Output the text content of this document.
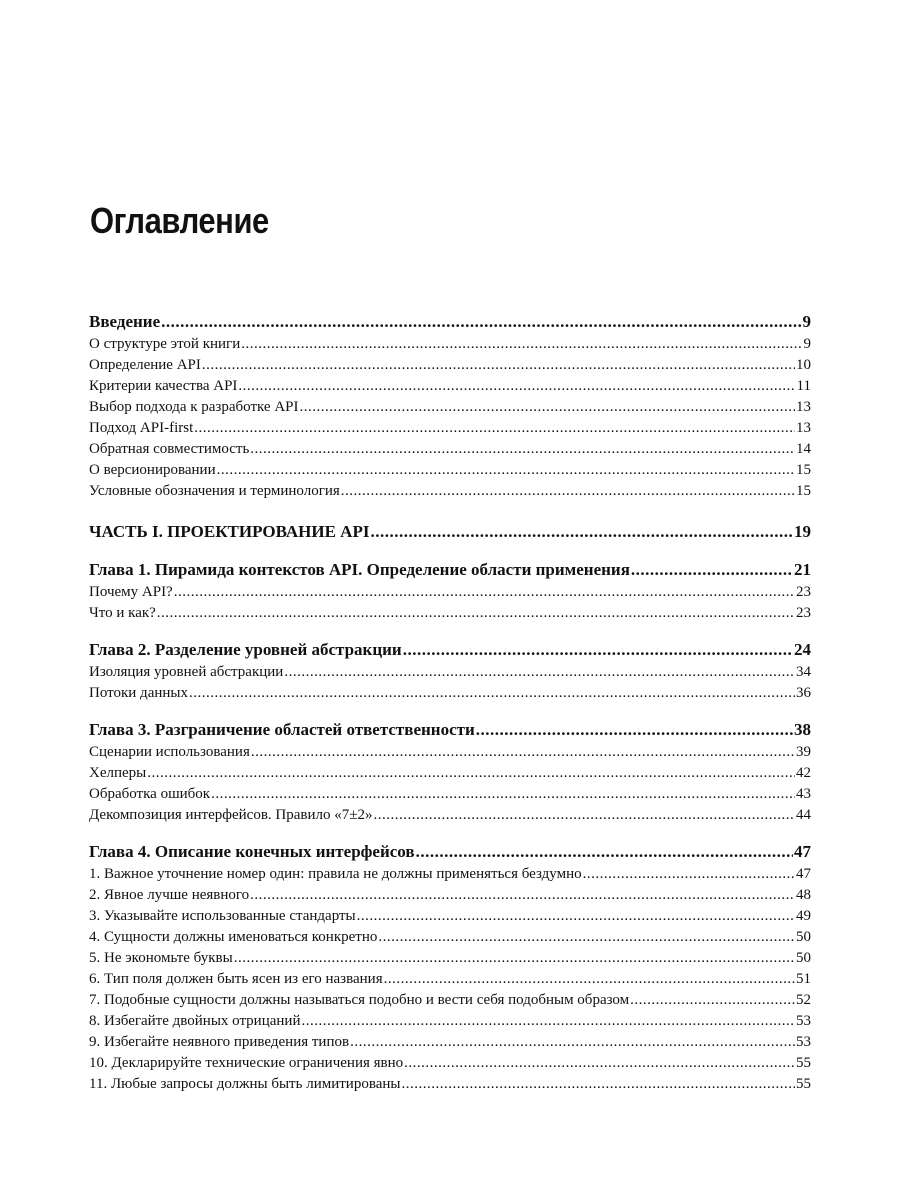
Оглавление
Введение .....	9
О структуре этой книги .....	9
Определение API .....	10
Критерии качества API .....	11
Выбор подхода к разработке API .....	13
Подход API-first .....	13
Обратная совместимость .....	14
О версионировании .....	15
Условные обозначения и терминология .....	15
ЧАСТЬ I. ПРОЕКТИРОВАНИЕ API .....	19
Глава 1. Пирамида контекстов API. Определение области применения .....	21
Почему API? .....	23
Что и как? .....	23
Глава 2. Разделение уровней абстракции .....	24
Изоляция уровней абстракции .....	34
Потоки данных .....	36
Глава 3. Разграничение областей ответственности .....	38
Сценарии использования .....	39
Хелперы .....	42
Обработка ошибок .....	43
Декомпозиция интерфейсов. Правило «7±2» .....	44
Глава 4. Описание конечных интерфейсов .....	47
1. Важное уточнение номер один: правила не должны применяться бездумно .....	47
2. Явное лучше неявного .....	48
3. Указывайте использованные стандарты .....	49
4. Сущности должны именоваться конкретно .....	50
5. Не экономьте буквы .....	50
6. Тип поля должен быть ясен из его названия .....	51
7. Подобные сущности должны называться подобно и вести себя подобным образом .....	52
8. Избегайте двойных отрицаний .....	53
9. Избегайте неявного приведения типов .....	53
10. Декларируйте технические ограничения явно .....	55
11. Любые запросы должны быть лимитированы .....	55
